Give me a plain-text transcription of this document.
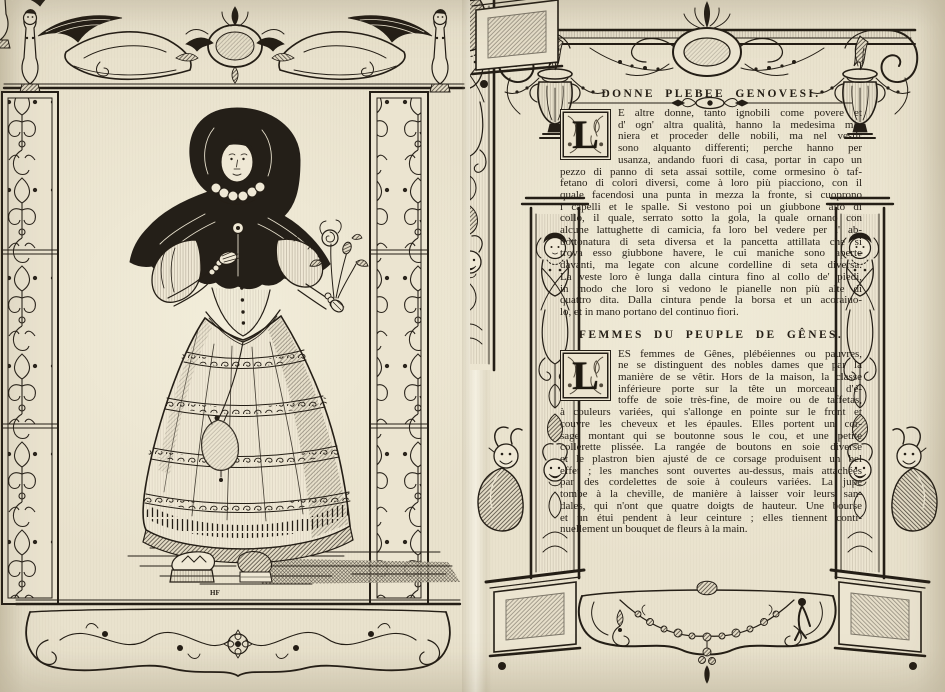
HF
DONNE PLEBEE GENOVESI.
L	E altre donne, tanto ignobili come povere et
d' ogn' altra qualità, hanno la medesima ma-
niera et proceder delle nobili, ma nel vestir
sono alquanto differenti; perche hanno per
usanza, andando fuori di casa, portar in capo un
pezzo di panno di seta assai sottile, come ormesino ò taf-
fetano di colori diversi, come à loro più piacciono, con il
quale facendosi una punta in mezza la fronte, si cuoprono
i capelli et le spalle. Si vestono poi un giubbone alto di
collo, il quale, serrato sotto la gola, la quale ornano con
alcune lattughette di camicia, fa loro bel vedere per l' ab-
bottonatura di seta diversa et la pancetta attillata che si
trova esso giubbone havere, le cui maniche sono aperte
davanti, ma legate con alcune cordelline di seta diversa.
La veste loro è lunga dalla cintura fino al collo de' piedi,
in modo che loro si vedono le pianelle non più alte di
quattro dita. Dalla cintura pende la borsa et un acoraiuo-
lo, et in mano portano del continuo fiori.
FEMMES DU PEUPLE DE GÊNES.
L	ES femmes de Gênes, plébéiennes ou pauvres,
ne se distinguent des nobles dames que par la
manière de se vêtir. Hors de la maison, la classe
inférieure porte sur la tête un morceau d'é-
toffe de soie très-fine, de moire ou de taffetas,
à couleurs variées, qui s'allonge en pointe sur le front et
couvre les cheveux et les épaules. Elles portent un cor-
sage montant qui se boutonne sous le cou, et une petite
collerette plissée. La rangée de boutons en soie diverse
et le plastron bien ajusté de ce corsage produisent un bel
effet ; les manches sont ouvertes au-dessus, mais attachées
par des cordelettes de soie à couleurs variées. La jupe
tombe à la cheville, de manière à laisser voir leurs san-
dales, qui n'ont que quatre doigts de hauteur. Une bourse
et un étui pendent à leur ceinture ; elles tiennent conti-
nuellement un bouquet de fleurs à la main.
